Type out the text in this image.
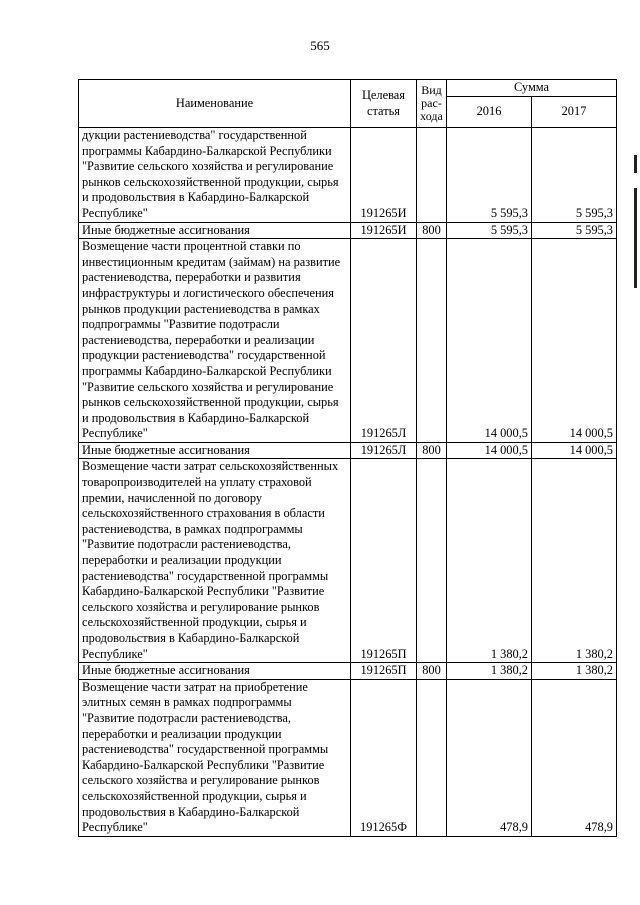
565
Наименование	Целевая статья	Вид рас-хода	Сумма	
			2016	2017
дукции растениеводства" государственной программы Кабардино-Балкарской Республики "Развитие сельского хозяйства и регулирование рынков сельскохозяйственной продукции, сырья и продовольствия в Кабардино-Балкарской Республике"	191265И		5 595,3	5 595,3
Иные бюджетные ассигнования	191265И	800	5 595,3	5 595,3
Возмещение части процентной ставки по инвестиционным кредитам (займам) на развитие растениеводства, переработки и развития инфраструктуры и логистического обеспечения рынков продукции растениеводства в рамках подпрограммы "Развитие подотрасли растениеводства, переработки и реализации продукции растениеводства" государственной программы Кабардино-Балкарской Республики "Развитие сельского хозяйства и регулирование рынков сельскохозяйственной продукции, сырья и продовольствия в Кабардино-Балкарской Республике"	191265Л		14 000,5	14 000,5
Иные бюджетные ассигнования	191265Л	800	14 000,5	14 000,5
Возмещение части затрат сельскохозяйственных товаропроизводителей на уплату страховой премии, начисленной по договору сельскохозяйственного страхования в области растениеводства, в рамках подпрограммы "Развитие подотрасли растениеводства, переработки и реализации продукции растениеводства" государственной программы Кабардино-Балкарской Республики "Развитие сельского хозяйства и регулирование рынков сельскохозяйственной продукции, сырья и продовольствия в Кабардино-Балкарской Республике"	191265П		1 380,2	1 380,2
Иные бюджетные ассигнования	191265П	800	1 380,2	1 380,2
Возмещение части затрат на приобретение элитных семян в рамках подпрограммы "Развитие подотрасли растениеводства, переработки и реализации продукции растениеводства" государственной программы Кабардино-Балкарской Республики "Развитие сельского хозяйства и регулирование рынков сельскохозяйственной продукции, сырья и продовольствия в Кабардино-Балкарской Республике"	191265Ф		478,9	478,9
